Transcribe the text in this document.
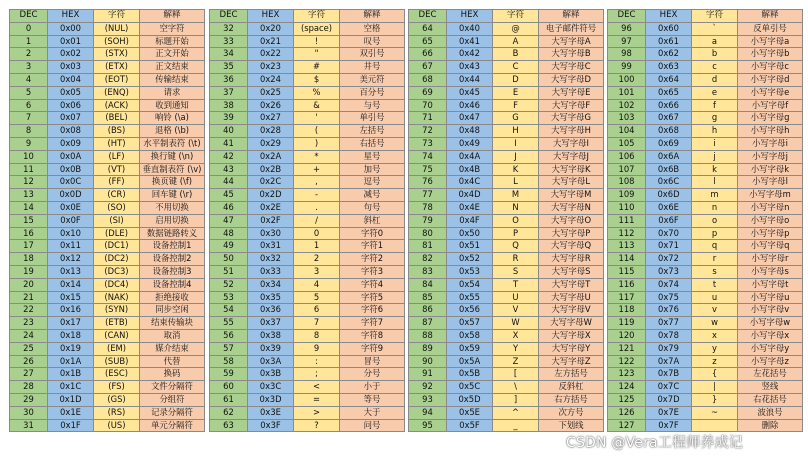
DEC	HEX	字符	解释
0	0x00	(NUL)	空字符
1	0x01	(SOH)	标题开始
2	0x02	(STX)	正文开始
3	0x03	(ETX)	正文结束
4	0x04	(EOT)	传输结束
5	0x05	(ENQ)	请求
6	0x06	(ACK)	收到通知
7	0x07	(BEL)	响铃 (\a)
8	0x08	(BS)	退格 (\b)
9	0x09	(HT)	水平制表符 (\t)
10	0x0A	(LF)	换行键 (\n)
11	0x0B	(VT)	垂直制表符 (\v)
12	0x0C	(FF)	换页键 (\f)
13	0x0D	(CR)	回车键 (\r)
14	0x0E	(SO)	不用切换
15	0x0F	(SI)	启用切换
16	0x10	(DLE)	数据链路转义
17	0x11	(DC1)	设备控制1
18	0x12	(DC2)	设备控制2
19	0x13	(DC3)	设备控制3
20	0x14	(DC4)	设备控制4
21	0x15	(NAK)	拒绝接收
22	0x16	(SYN)	同步空闲
23	0x17	(ETB)	结束传输块
24	0x18	(CAN)	取消
25	0x19	(EM)	媒介结束
26	0x1A	(SUB)	代替
27	0x1B	(ESC)	换码
28	0x1C	(FS)	文件分隔符
29	0x1D	(GS)	分组符
30	0x1E	(RS)	记录分隔符
31	0x1F	(US)	单元分隔符
DEC	HEX	字符	解释
32	0x20	(space)	空格
33	0x21	!	叹号
34	0x22	"	双引号
35	0x23	#	井号
36	0x24	$	美元符
37	0x25	%	百分号
38	0x26	&	与号
39	0x27	'	单引号
40	0x28	(	左括号
41	0x29	)	右括号
42	0x2A	*	星号
43	0x2B	+	加号
44	0x2C	,	逗号
45	0x2D	-	减号
46	0x2E	.	句号
47	0x2F	/	斜杠
48	0x30	0	字符0
49	0x31	1	字符1
50	0x32	2	字符2
51	0x33	3	字符3
52	0x34	4	字符4
53	0x35	5	字符5
54	0x36	6	字符6
55	0x37	7	字符7
56	0x38	8	字符8
57	0x39	9	字符9
58	0x3A	:	冒号
59	0x3B	;	分号
60	0x3C	<	小于
61	0x3D	=	等号
62	0x3E	>	大于
63	0x3F	?	问号
DEC	HEX	字符	解释
64	0x40	@	电子邮件符号
65	0x41	A	大写字母A
66	0x42	B	大写字母B
67	0x43	C	大写字母C
68	0x44	D	大写字母D
69	0x45	E	大写字母E
70	0x46	F	大写字母F
71	0x47	G	大写字母G
72	0x48	H	大写字母H
73	0x49	I	大写字母I
74	0x4A	J	大写字母J
75	0x4B	K	大写字母K
76	0x4C	L	大写字母L
77	0x4D	M	大写字母M
78	0x4E	N	大写字母N
79	0x4F	O	大写字母O
80	0x50	P	大写字母P
81	0x51	Q	大写字母Q
82	0x52	R	大写字母R
83	0x53	S	大写字母S
84	0x54	T	大写字母T
85	0x55	U	大写字母U
86	0x56	V	大写字母V
87	0x57	W	大写字母W
88	0x58	X	大写字母X
89	0x59	Y	大写字母Y
90	0x5A	Z	大写字母Z
91	0x5B	[	左方括号
92	0x5C	\	反斜杠
93	0x5D	]	右方括号
94	0x5E	^	次方号
95	0x5F	_	下划线
DEC	HEX	字符	解释
96	0x60	`	反单引号
97	0x61	a	小写字母a
98	0x62	b	小写字母b
99	0x63	c	小写字母c
100	0x64	d	小写字母d
101	0x65	e	小写字母e
102	0x66	f	小写字母f
103	0x67	g	小写字母g
104	0x68	h	小写字母h
105	0x69	i	小写字母i
106	0x6A	j	小写字母j
107	0x6B	k	小写字母k
108	0x6C	l	小写字母l
109	0x6D	m	小写字母m
110	0x6E	n	小写字母n
111	0x6F	o	小写字母o
112	0x70	p	小写字母p
113	0x71	q	小写字母q
114	0x72	r	小写字母r
115	0x73	s	小写字母s
116	0x74	t	小写字母t
117	0x75	u	小写字母u
118	0x76	v	小写字母v
119	0x77	w	小写字母w
120	0x78	x	小写字母x
121	0x79	y	小写字母y
122	0x7A	z	小写字母z
123	0x7B	{	左花括号
124	0x7C	|	竖线
125	0x7D	}	右花括号
126	0x7E	~	波浪号
127	0x7F		删除
CSDN @Vera工程师养成记
